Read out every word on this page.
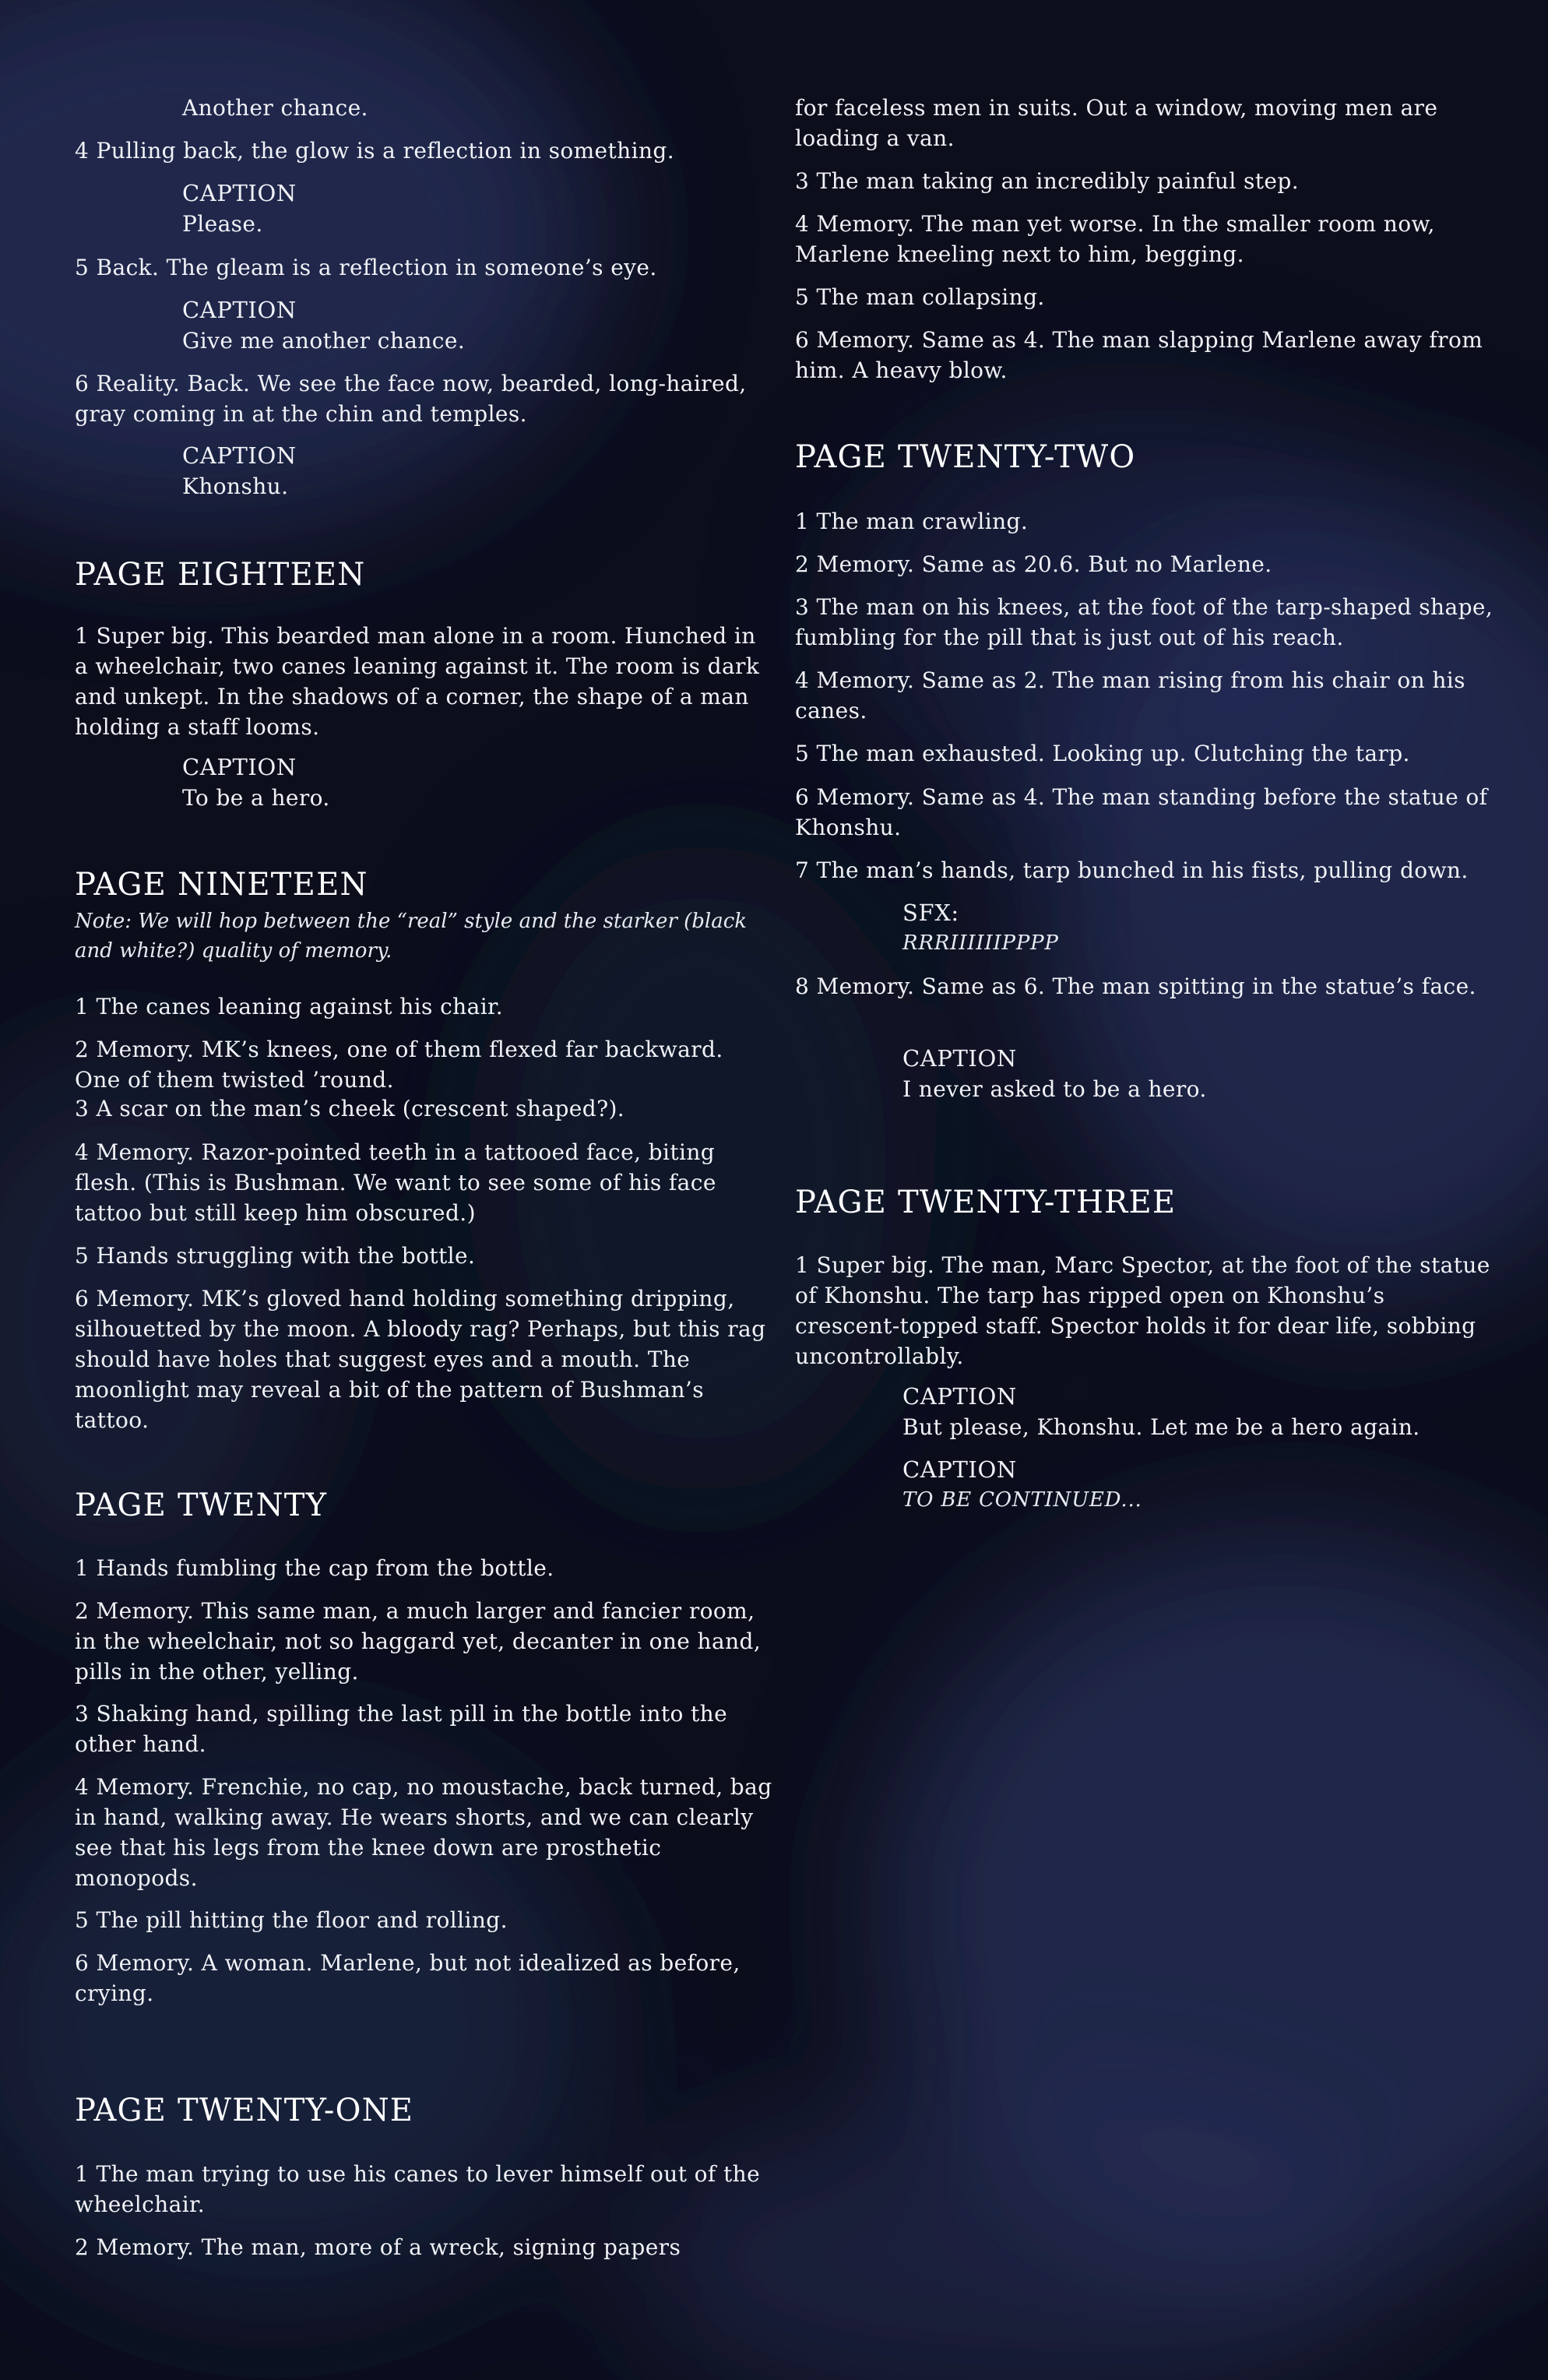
Another chance.
4 Pulling back, the glow is a reflection in something.
CAPTION
Please.
5 Back. The gleam is a reflection in someone’s eye.
CAPTION
Give me another chance.
6 Reality. Back. We see the face now, bearded, long-haired, gray coming in at the chin and temples.
CAPTION
Khonshu.
PAGE EIGHTEEN
1 Super big. This bearded man alone in a room. Hunched in a wheelchair, two canes leaning against it. The room is dark and unkept. In the shadows of a corner, the shape of a man holding a staff looms.
CAPTION
To be a hero.
PAGE NINETEEN
Note: We will hop between the “real” style and the starker (black and white?) quality of memory.
1 The canes leaning against his chair.
2 Memory. MK’s knees, one of them flexed far backward. One of them twisted ’round.
3 A scar on the man’s cheek (crescent shaped?).
4 Memory. Razor-pointed teeth in a tattooed face, biting flesh. (This is Bushman. We want to see some of his face tattoo but still keep him obscured.)
5 Hands struggling with the bottle.
6 Memory. MK’s gloved hand holding something dripping, silhouetted by the moon. A bloody rag? Perhaps, but this rag should have holes that suggest eyes and a mouth. The moonlight may reveal a bit of the pattern of Bushman’s tattoo.
PAGE TWENTY
1 Hands fumbling the cap from the bottle.
2 Memory. This same man, a much larger and fancier room, in the wheelchair, not so haggard yet, decanter in one hand, pills in the other, yelling.
3 Shaking hand, spilling the last pill in the bottle into the other hand.
4 Memory. Frenchie, no cap, no moustache, back turned, bag in hand, walking away. He wears shorts, and we can clearly see that his legs from the knee down are prosthetic monopods.
5 The pill hitting the floor and rolling.
6 Memory. A woman. Marlene, but not idealized as before, crying.
PAGE TWENTY-ONE
1 The man trying to use his canes to lever himself out of the wheelchair.
2 Memory. The man, more of a wreck, signing papers
for faceless men in suits. Out a window, moving men are loading a van.
3 The man taking an incredibly painful step.
4 Memory. The man yet worse. In the smaller room now, Marlene kneeling next to him, begging.
5 The man collapsing.
6 Memory. Same as 4. The man slapping Marlene away from him. A heavy blow.
PAGE TWENTY-TWO
1 The man crawling.
2 Memory. Same as 20.6. But no Marlene.
3 The man on his knees, at the foot of the tarp-shaped shape, fumbling for the pill that is just out of his reach.
4 Memory. Same as 2. The man rising from his chair on his canes.
5 The man exhausted. Looking up. Clutching the tarp.
6 Memory. Same as 4. The man standing before the statue of Khonshu.
7 The man’s hands, tarp bunched in his fists, pulling down.
SFX:
RRRIIIIIIPPPP
8 Memory. Same as 6. The man spitting in the statue’s face.
CAPTION
I never asked to be a hero.
PAGE TWENTY-THREE
1 Super big. The man, Marc Spector, at the foot of the statue of Khonshu. The tarp has ripped open on Khonshu’s crescent-topped staff. Spector holds it for dear life, sobbing uncontrollably.
CAPTION
But please, Khonshu. Let me be a hero again.
CAPTION
TO BE CONTINUED...
